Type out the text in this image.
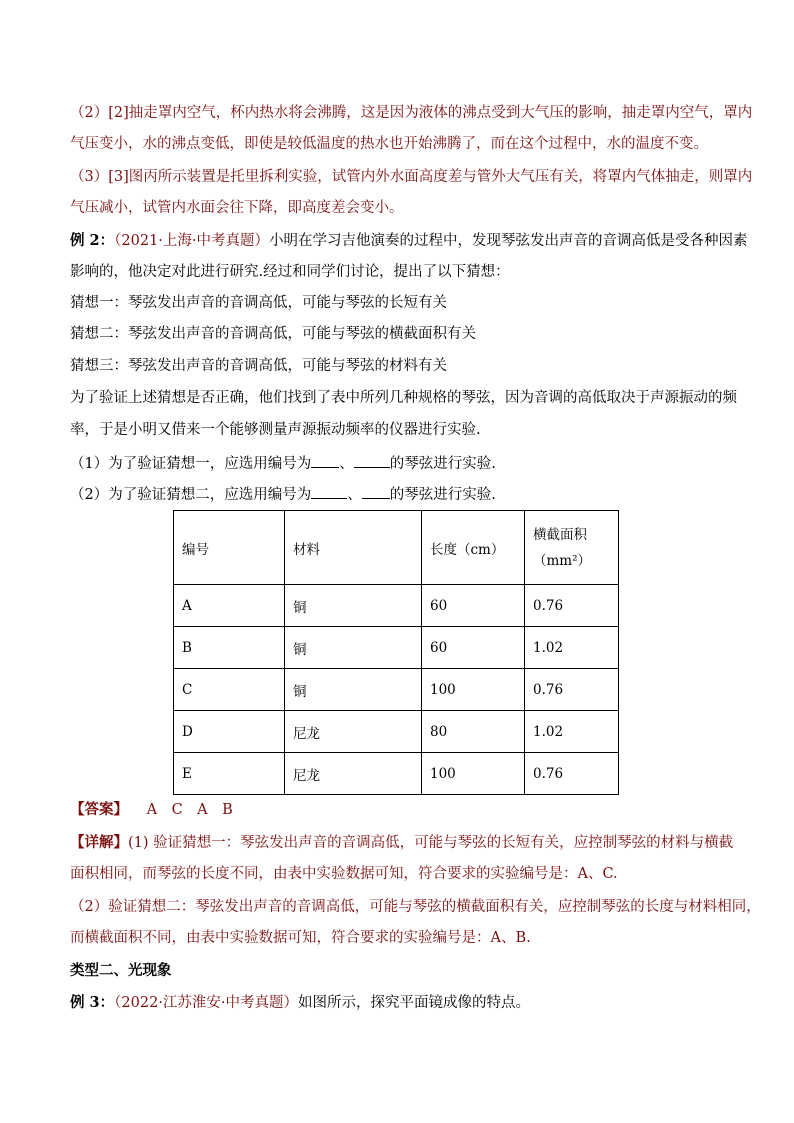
（2）[2]抽走罩内空气，杯内热水将会沸腾，这是因为液体的沸点受到大气压的影响，抽走罩内空气，罩内
气压变小，水的沸点变低，即使是较低温度的热水也开始沸腾了，而在这个过程中，水的温度不变。
（3）[3]图丙所示装置是托里拆利实验，试管内外水面高度差与管外大气压有关，将罩内气体抽走，则罩内
气压减小，试管内水面会往下降，即高度差会变小。
例 2：（2021·上海·中考真题）小明在学习吉他演奏的过程中，发现琴弦发出声音的音调高低是受各种因素
影响的，他决定对此进行研究.经过和同学们讨论，提出了以下猜想：
猜想一：琴弦发出声音的音调高低，可能与琴弦的长短有关
猜想二：琴弦发出声音的音调高低，可能与琴弦的横截面积有关
猜想三：琴弦发出声音的音调高低，可能与琴弦的材料有关
为了验证上述猜想是否正确，他们找到了表中所列几种规格的琴弦，因为音调的高低取决于声源振动的频
率，于是小明又借来一个能够测量声源振动频率的仪器进行实验.
（1）为了验证猜想一，应选用编号为 、 的琴弦进行实验.
（2）为了验证猜想二，应选用编号为 、 的琴弦进行实验.
编号	材料	长度（cm）	横截面积
（mm²）

A	铜	60	0.76
B	铜	60	1.02
C	铜	100	0.76
D	尼龙	80	1.02
E	尼龙	100	0.76
【答案】 A　C　A　B
【详解】(1) 验证猜想一：琴弦发出声音的音调高低，可能与琴弦的长短有关，应控制琴弦的材料与横截
面积相同，而琴弦的长度不同，由表中实验数据可知，符合要求的实验编号是：A、C.
（2）验证猜想二：琴弦发出声音的音调高低，可能与琴弦的横截面积有关，应控制琴弦的长度与材料相同，
而横截面积不同，由表中实验数据可知，符合要求的实验编号是：A、B.
类型二、光现象
例 3：（2022·江苏淮安·中考真题）如图所示，探究平面镜成像的特点。
